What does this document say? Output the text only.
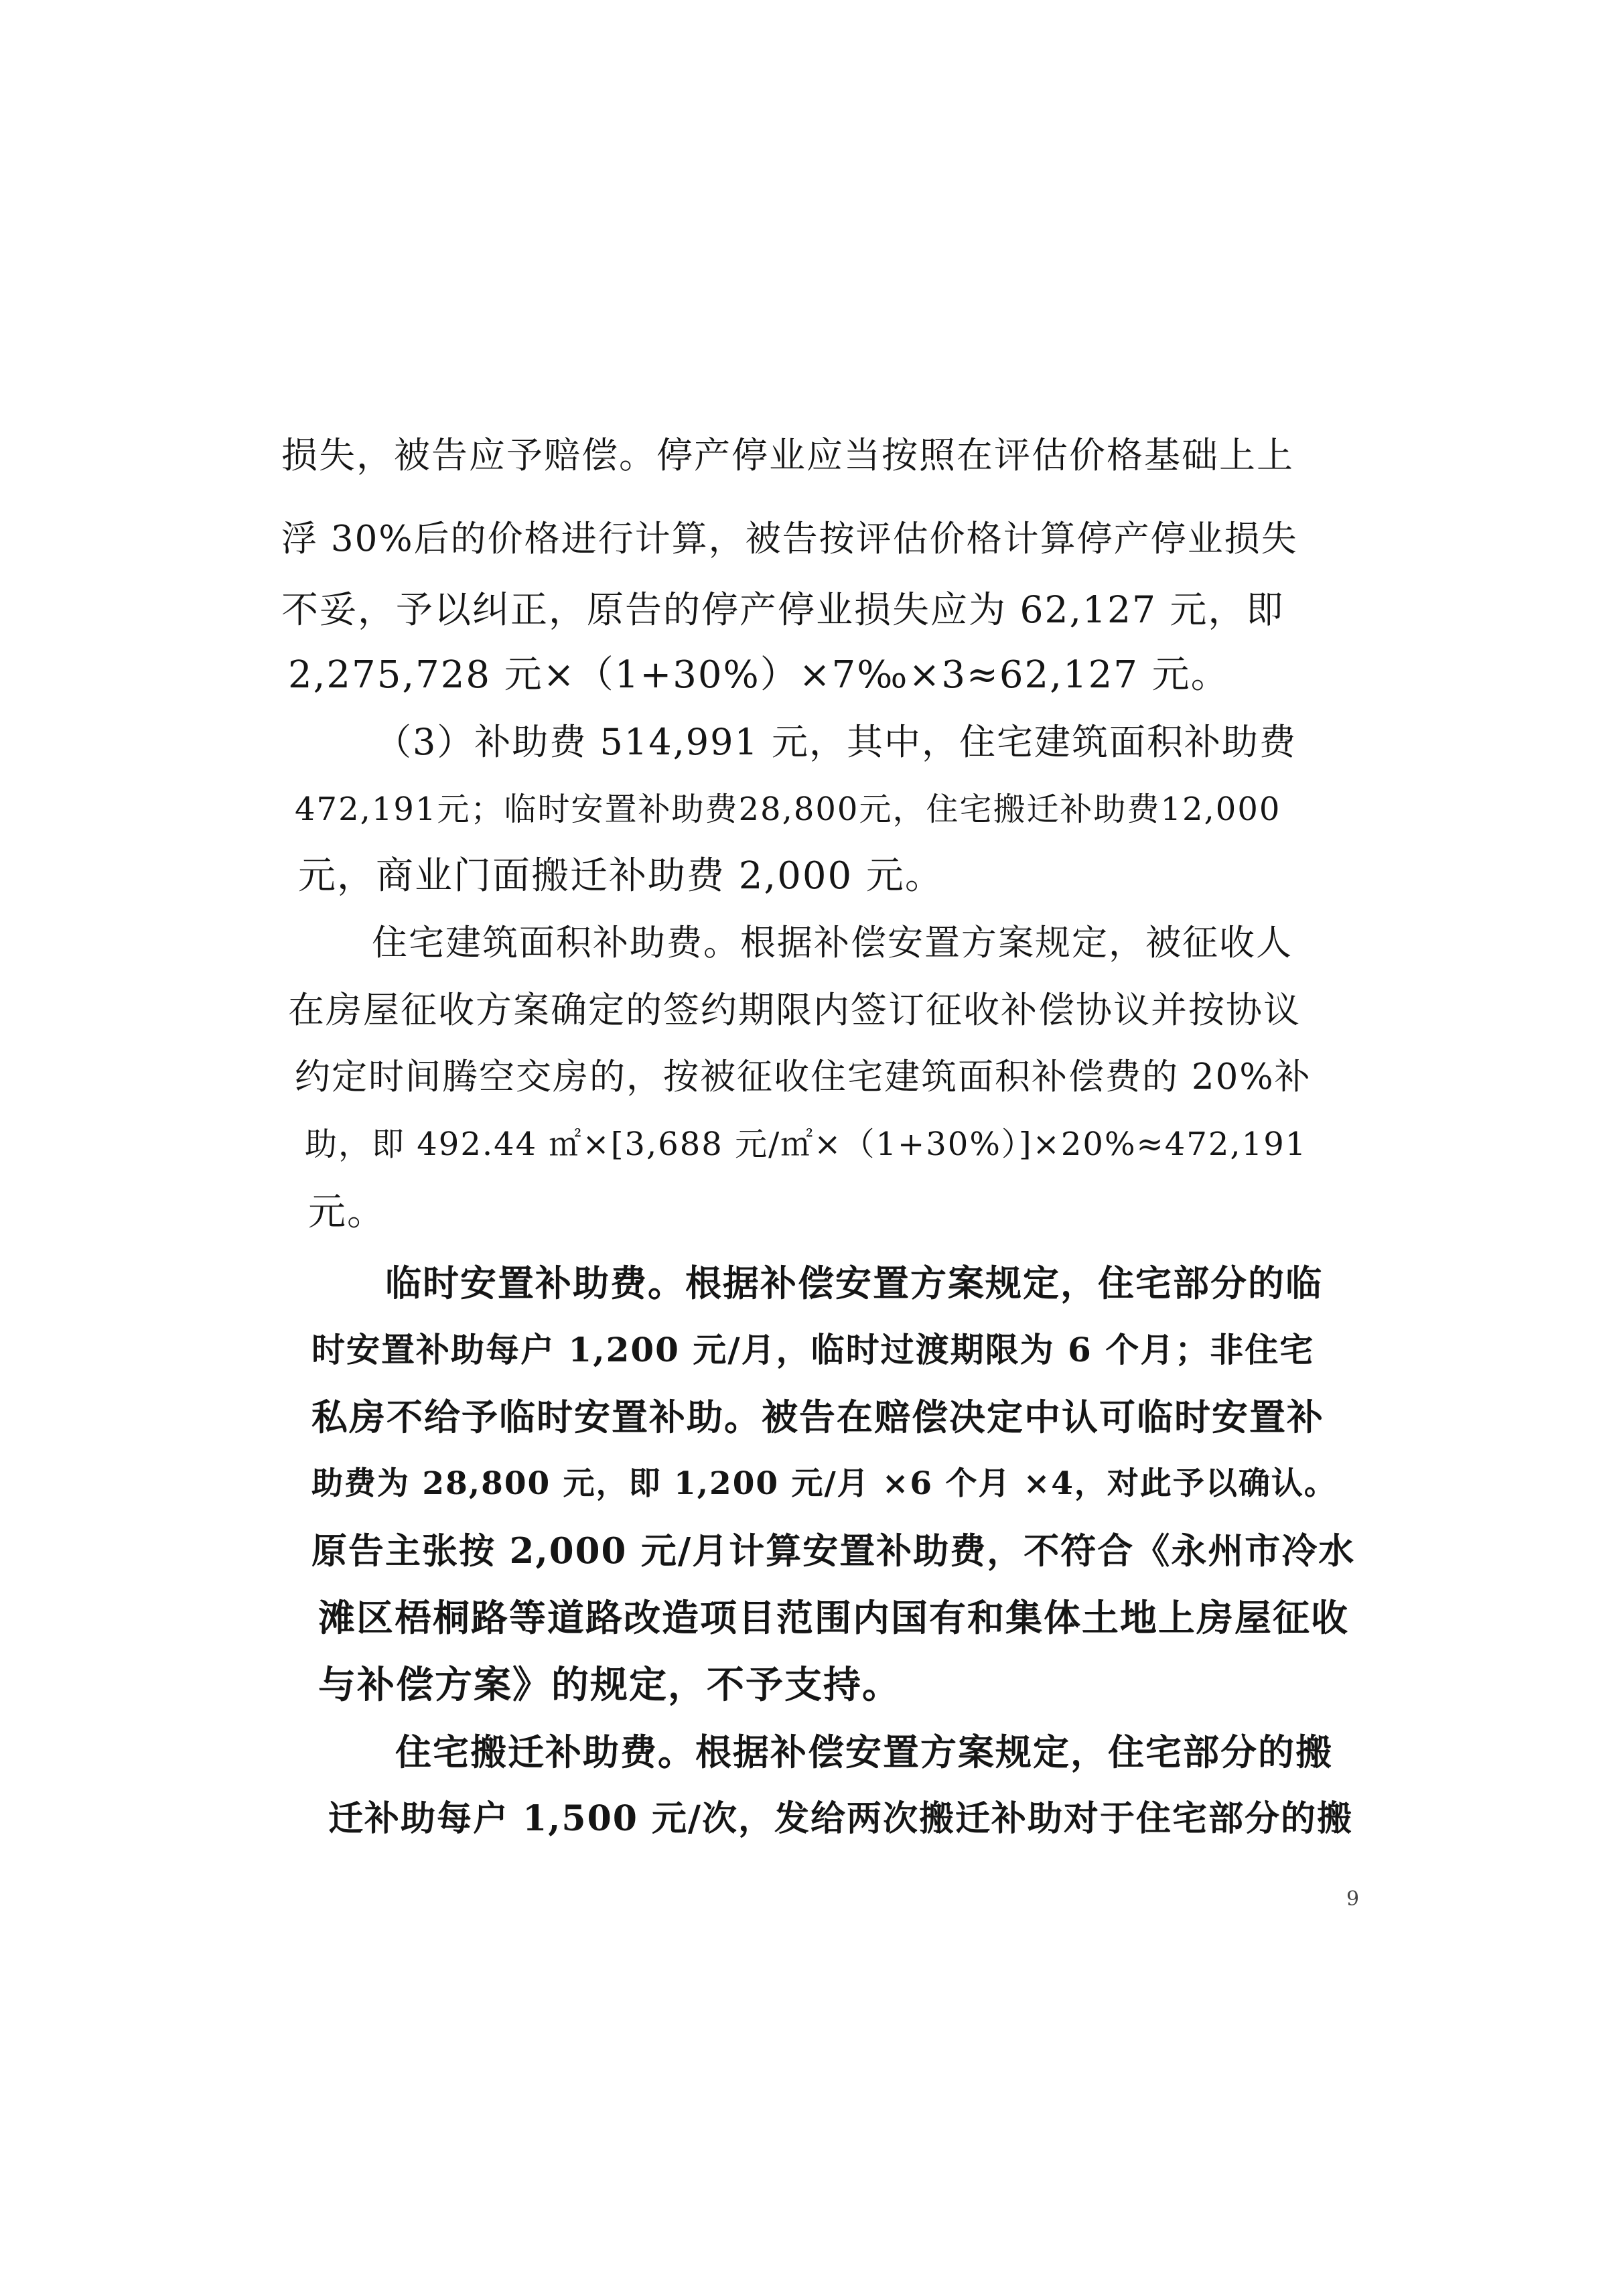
损失，被告应予赔偿。停产停业应当按照在评估价格基础上上
浮 30%后的价格进行计算，被告按评估价格计算停产停业损失
不妥，予以纠正，原告的停产停业损失应为 62,127 元，即
2,275,728 元×（1+30%）×7‰×3≈62,127 元。
（3）补助费 514,991 元，其中，住宅建筑面积补助费
472,191元；临时安置补助费28,800元，住宅搬迁补助费12,000
元，商业门面搬迁补助费 2,000 元。
住宅建筑面积补助费。根据补偿安置方案规定，被征收人
在房屋征收方案确定的签约期限内签订征收补偿协议并按协议
约定时间腾空交房的，按被征收住宅建筑面积补偿费的 20%补
助，即 492.44 ㎡×[3,688 元/㎡×（1+30%）]×20%≈472,191
元。
临时安置补助费。根据补偿安置方案规定，住宅部分的临
时安置补助每户 1,200 元/月，临时过渡期限为 6 个月；非住宅
私房不给予临时安置补助。被告在赔偿决定中认可临时安置补
助费为 28,800 元，即 1,200 元/月 ×6 个月 ×4，对此予以确认。
原告主张按 2,000 元/月计算安置补助费，不符合《永州市冷水
滩区梧桐路等道路改造项目范围内国有和集体土地上房屋征收
与补偿方案》的规定，不予支持。
住宅搬迁补助费。根据补偿安置方案规定，住宅部分的搬
迁补助每户 1,500 元/次，发给两次搬迁补助对于住宅部分的搬
9
